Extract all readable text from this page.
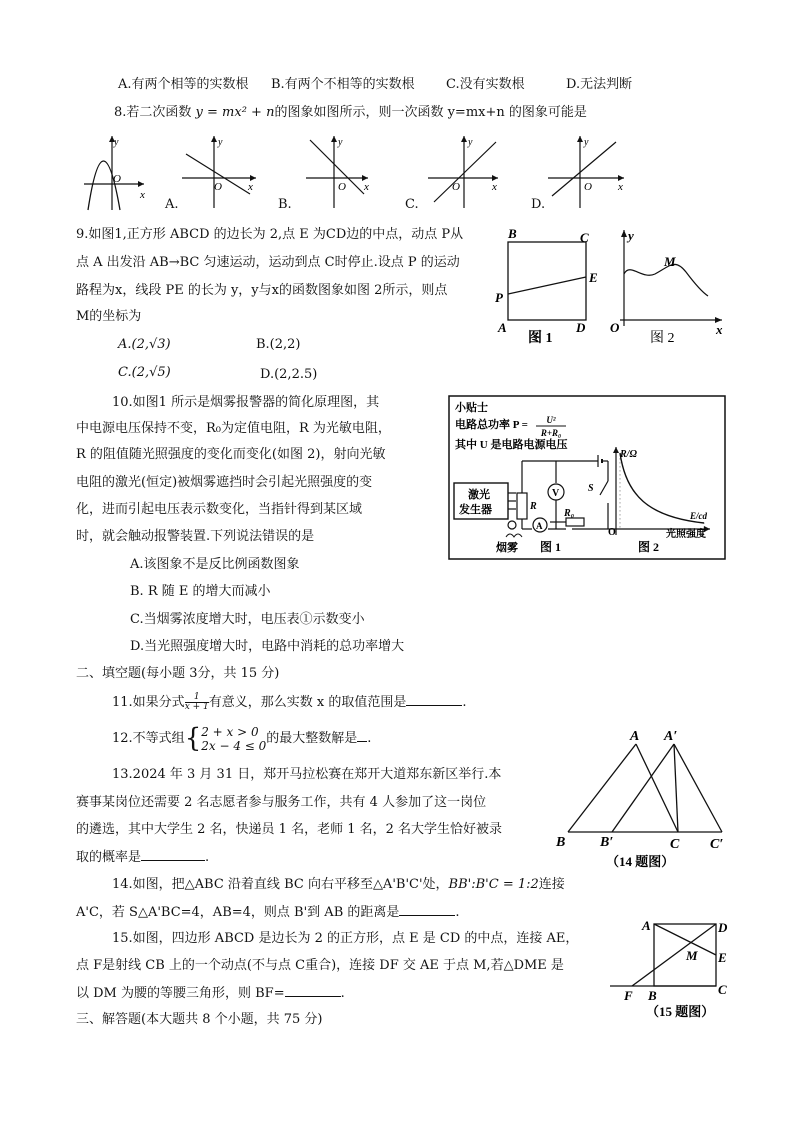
A.有两个相等的实数根 B.有两个不相等的实数根 C.没有实数根	D.无法判断
8.若二次函数 y = mx² + n的图象如图所示，则一次函数 y=mx+n 的图象可能是
y
O
x
y
O x
y
O x
y
O	x
y
O x
A.	B.	C.	D.
9.如图1,正方形 ABCD 的边长为 2,点 E 为CD边的中点，动点 P从
点 A 出发沿 AB→BC 匀速运动，运动到点 C时停止.设点 P 的运动
路程为x，线段 PE 的长为 y，y与x的函数图象如图 2所示，则点
M的坐标为
A.(2,√3)	B.(2,2)
C.(2,√5)	D.(2,2.5)
B	C
E
P
A	D
图 1
y
M
O	x
图 2
10.如图1 所示是烟雾报警器的简化原理图，其
中电源电压保持不变，R₀为定值电阻，R 为光敏电阻，
R 的阻值随光照强度的变化而变化(如图 2)，射向光敏
电阻的激光(恒定)被烟雾遮挡时会引起光照强度的变
化，进而引起电压表示数变化，当指针得到某区域
时，就会触动报警装置.下列说法错误的是
A.该图象不是反比例函数图象
B. R 随 E 的增大而减小
C.当烟雾浓度增大时，电压表①示数变小
D.当光照强度增大时，电路中消耗的总功率增大
小贴士
电路总功率 P = U²
R+R₀
其中 U 是电路电源电压
激光
发生器	R
R₀
V
A
S
烟雾 图 1
R/Ω
E/cd
O	光照强度
图 2
二、填空题(每小题 3分，共 15 分)
11.如果分式 $\frac{1}{x + 1}$ 有意义，那么实数 x 的取值范围是	.
12.不等式组{ 2 + x > 0
2x − 4 ≤ 0 的最大整数解是 .
13.2024 年 3 月 31 日，郑开马拉松赛在郑开大道郑东新区举行.本
赛事某岗位还需要 2 名志愿者参与服务工作，共有 4 人参加了这一岗位
的遴选，其中大学生 2 名，快递员 1 名，老师 1 名，2 名大学生恰好被录
取的概率是	.
A A′
B B′	C C′
（14 题图）
14.如图，把△ABC 沿着直线 BC 向右平移至△A'B'C'处，BB':B'C = 1:2连接
A'C，若 S△A'BC=4，AB=4，则点 B'到 AB 的距离是	.
A	D
M E
F B	C
（15 题图）
15.如图，四边形 ABCD 是边长为 2 的正方形，点 E 是 CD 的中点，连接 AE，
点 F是射线 CB 上的一个动点(不与点 C重合)，连接 DF 交 AE 于点 M,若△DME 是
以 DM 为腰的等腰三角形，则 BF=	.
三、解答题(本大题共 8 个小题，共 75 分)
